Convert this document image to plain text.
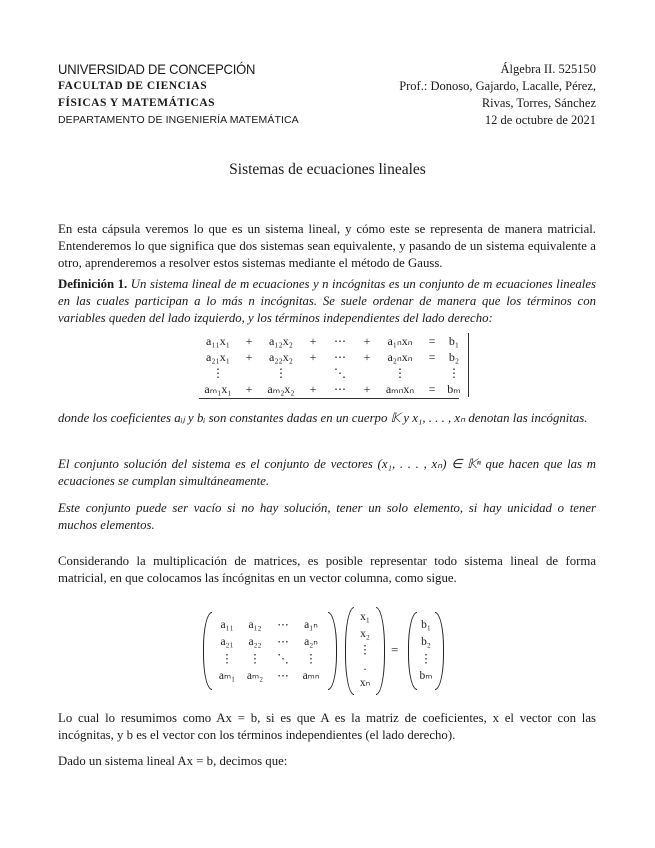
UNIVERSIDAD DE CONCEPCIÓN
FACULTAD DE CIENCIAS
FÍSICAS Y MATEMÁTICAS
DEPARTAMENTO DE INGENIERÍA MATEMÁTICA
Álgebra II. 525150
Prof.: Donoso, Gajardo, Lacalle, Pérez,
Rivas, Torres, Sánchez
12 de octubre de 2021
Sistemas de ecuaciones lineales
En esta cápsula veremos lo que es un sistema lineal, y cómo este se representa de manera matricial. Entenderemos lo que significa que dos sistemas sean equivalente, y pasando de un sistema equivalente a otro, aprenderemos a resolver estos sistemas mediante el método de Gauss.
Definición 1. Un sistema lineal de m ecuaciones y n incógnitas es un conjunto de m ecuaciones lineales en las cuales participan a lo más n incógnitas. Se suele ordenar de manera que los términos con variables queden del lado izquierdo, y los términos independientes del lado derecho:
a₁₁x₁	+	a₁₂x₂	+	⋯	+	a₁ₙxₙ	=	b₁
a₂₁x₁	+	a₂₂x₂	+	⋯	+	a₂ₙxₙ	=	b₂
⋮	⋮	⋱	⋮	⋮
aₘ₁x₁	+	aₘ₂x₂	+	⋯	+	aₘₙxₙ	= bₘ
donde los coeficientes aᵢⱼ y bᵢ son constantes dadas en un cuerpo 𝕂 y x₁, . . . , xₙ denotan las incógnitas.
El conjunto solución del sistema es el conjunto de vectores (x₁, . . . , xₙ) ∈ 𝕂ⁿ que hacen que las m ecuaciones se cumplan simultáneamente.
Este conjunto puede ser vacío si no hay solución, tener un solo elemento, si hay unicidad o tener muchos elementos.
Considerando la multiplicación de matrices, es posible representar todo sistema lineal de forma matricial, en que colocamos las íncógnitas en un vector columna, como sigue.
a₁₁	a₁₂	⋯	a₁ₙ
a₂₁	a₂₂	⋯	a₂ₙ
⋮	⋮	⋱	⋮
aₘ₁	aₘ₂	⋯	aₘₙ
x₁
x₂
⋮
.
xₙ
=
b₁
b₂
⋮
bₘ
Lo cual lo resumimos como Ax = b, si es que A es la matriz de coeficientes, x el vector con las incógnitas, y b es el vector con los términos independientes (el lado derecho).
Dado un sistema lineal Ax = b, decimos que:
